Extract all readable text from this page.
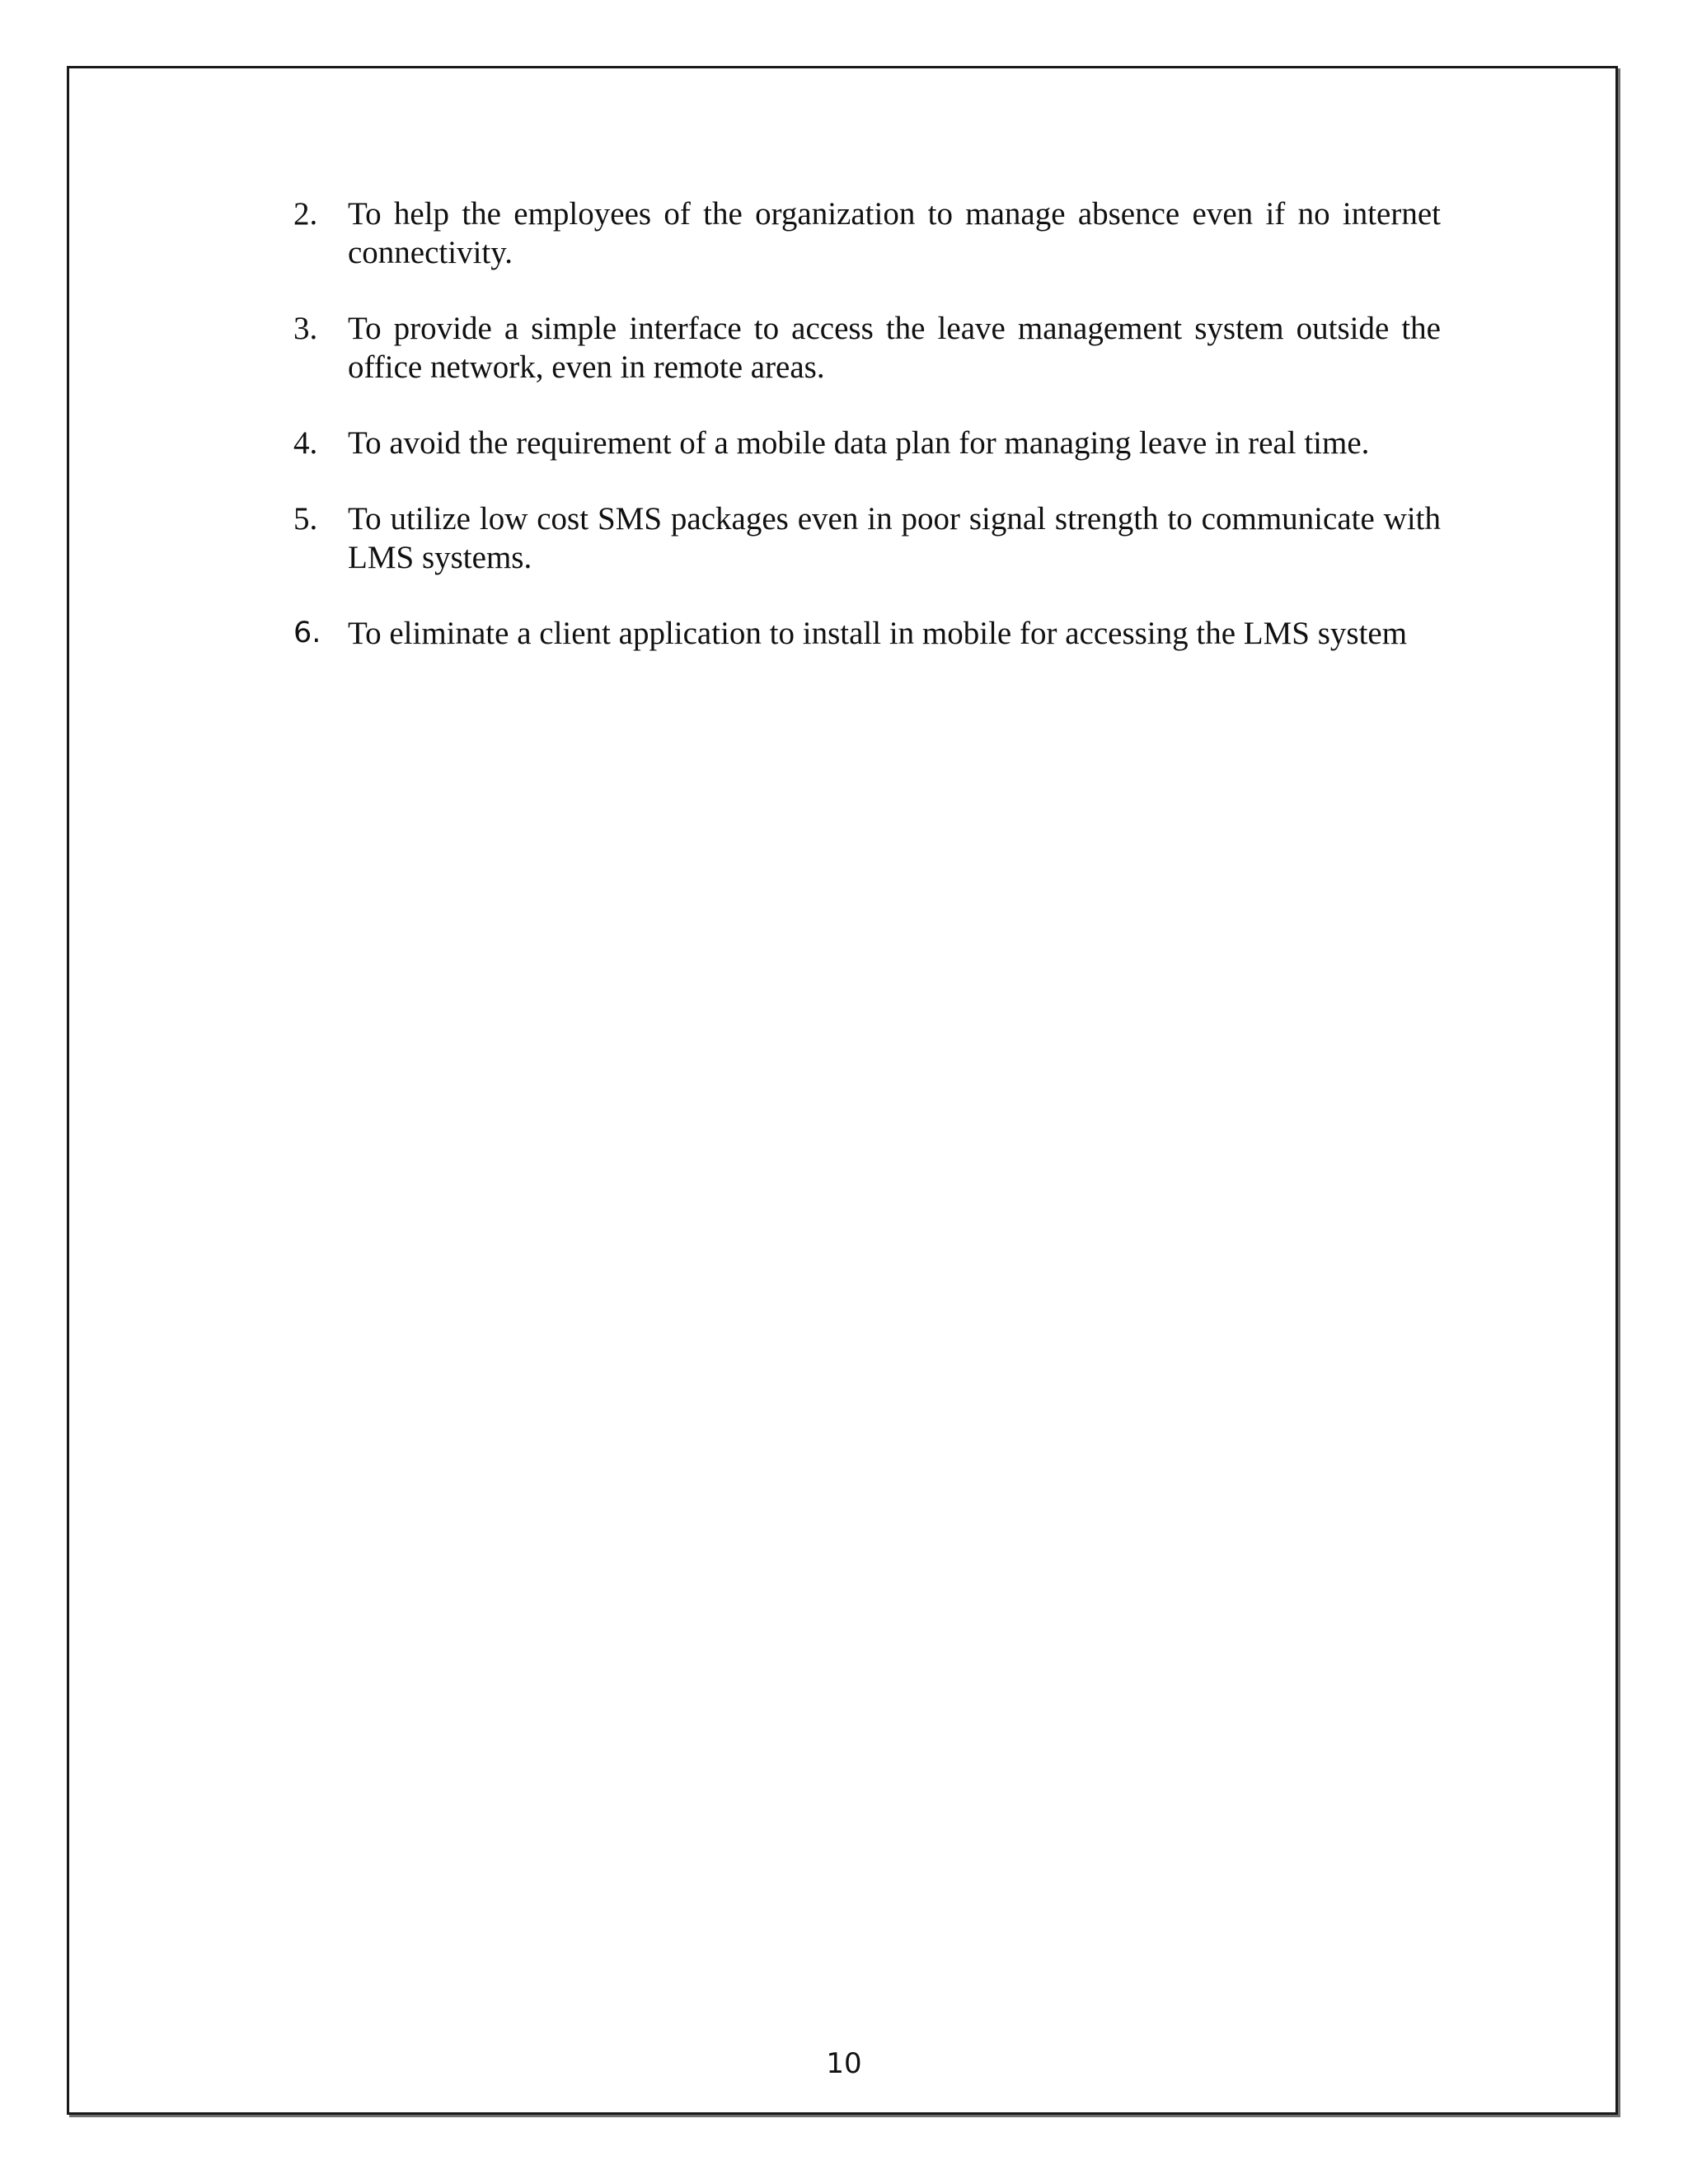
2. To help the employees of the organization to manage absence even if no internet connectivity.
3. To provide a simple interface to access the leave management system outside the office network, even in remote areas.
4. To avoid the requirement of a mobile data plan for managing leave in real time.
5. To utilize low cost SMS packages even in poor signal strength to communicate with LMS systems.
6. To eliminate a client application to install in mobile for accessing the LMS system
10
